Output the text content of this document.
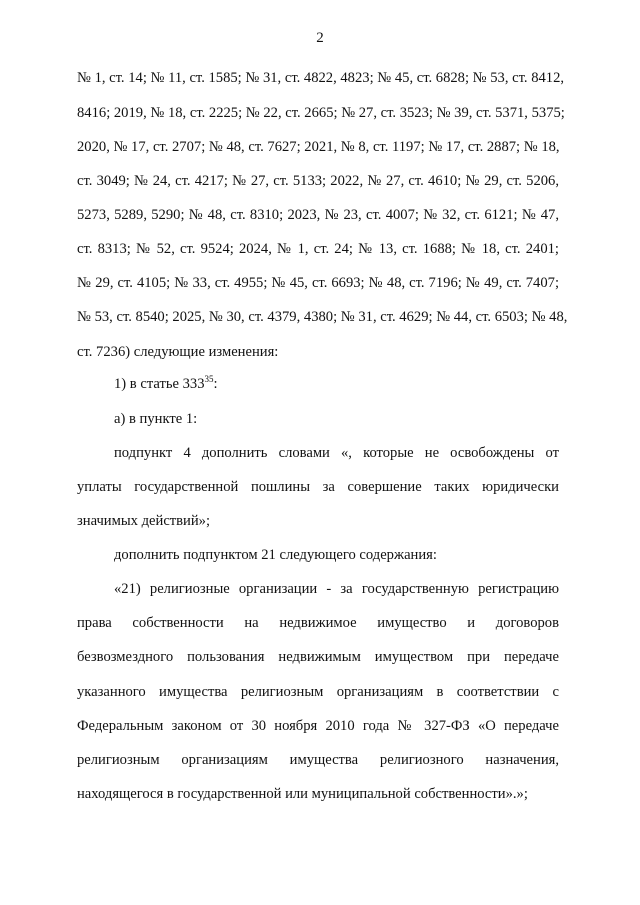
2
№ 1, ст. 14; № 11, ст. 1585; № 31, ст. 4822, 4823; № 45, ст. 6828; № 53, ст. 8412,
8416; 2019, № 18, ст. 2225; № 22, ст. 2665; № 27, ст. 3523; № 39, ст. 5371, 5375;
2020, № 17, ст. 2707; № 48, ст. 7627; 2021, № 8, ст. 1197; № 17, ст. 2887; № 18,
ст. 3049; № 24, ст. 4217; № 27, ст. 5133; 2022, № 27, ст. 4610; № 29, ст. 5206,
5273, 5289, 5290; № 48, ст. 8310; 2023, № 23, ст. 4007; № 32, ст. 6121; № 47,
ст. 8313; № 52, ст. 9524; 2024, № 1, ст. 24; № 13, ст. 1688; № 18, ст. 2401;
№ 29, ст. 4105; № 33, ст. 4955; № 45, ст. 6693; № 48, ст. 7196; № 49, ст. 7407;
№ 53, ст. 8540; 2025, № 30, ст. 4379, 4380; № 31, ст. 4629; № 44, ст. 6503; № 48,
ст. 7236) следующие изменения:
1) в статье $333^{35}$:
а) в пункте 1:
подпункт 4 дополнить словами «, которые не освобождены от
уплаты государственной пошлины за совершение таких юридически
значимых действий»;
дополнить подпунктом 21 следующего содержания:
«21) религиозные организации - за государственную регистрацию
права собственности на недвижимое имущество и договоров
безвозмездного пользования недвижимым имуществом при передаче
указанного имущества религиозным организациям в соответствии с
Федеральным законом от 30 ноября 2010 года № 327-ФЗ «О передаче
религиозным организациям имущества религиозного назначения,
находящегося в государственной или муниципальной собственности».»;
